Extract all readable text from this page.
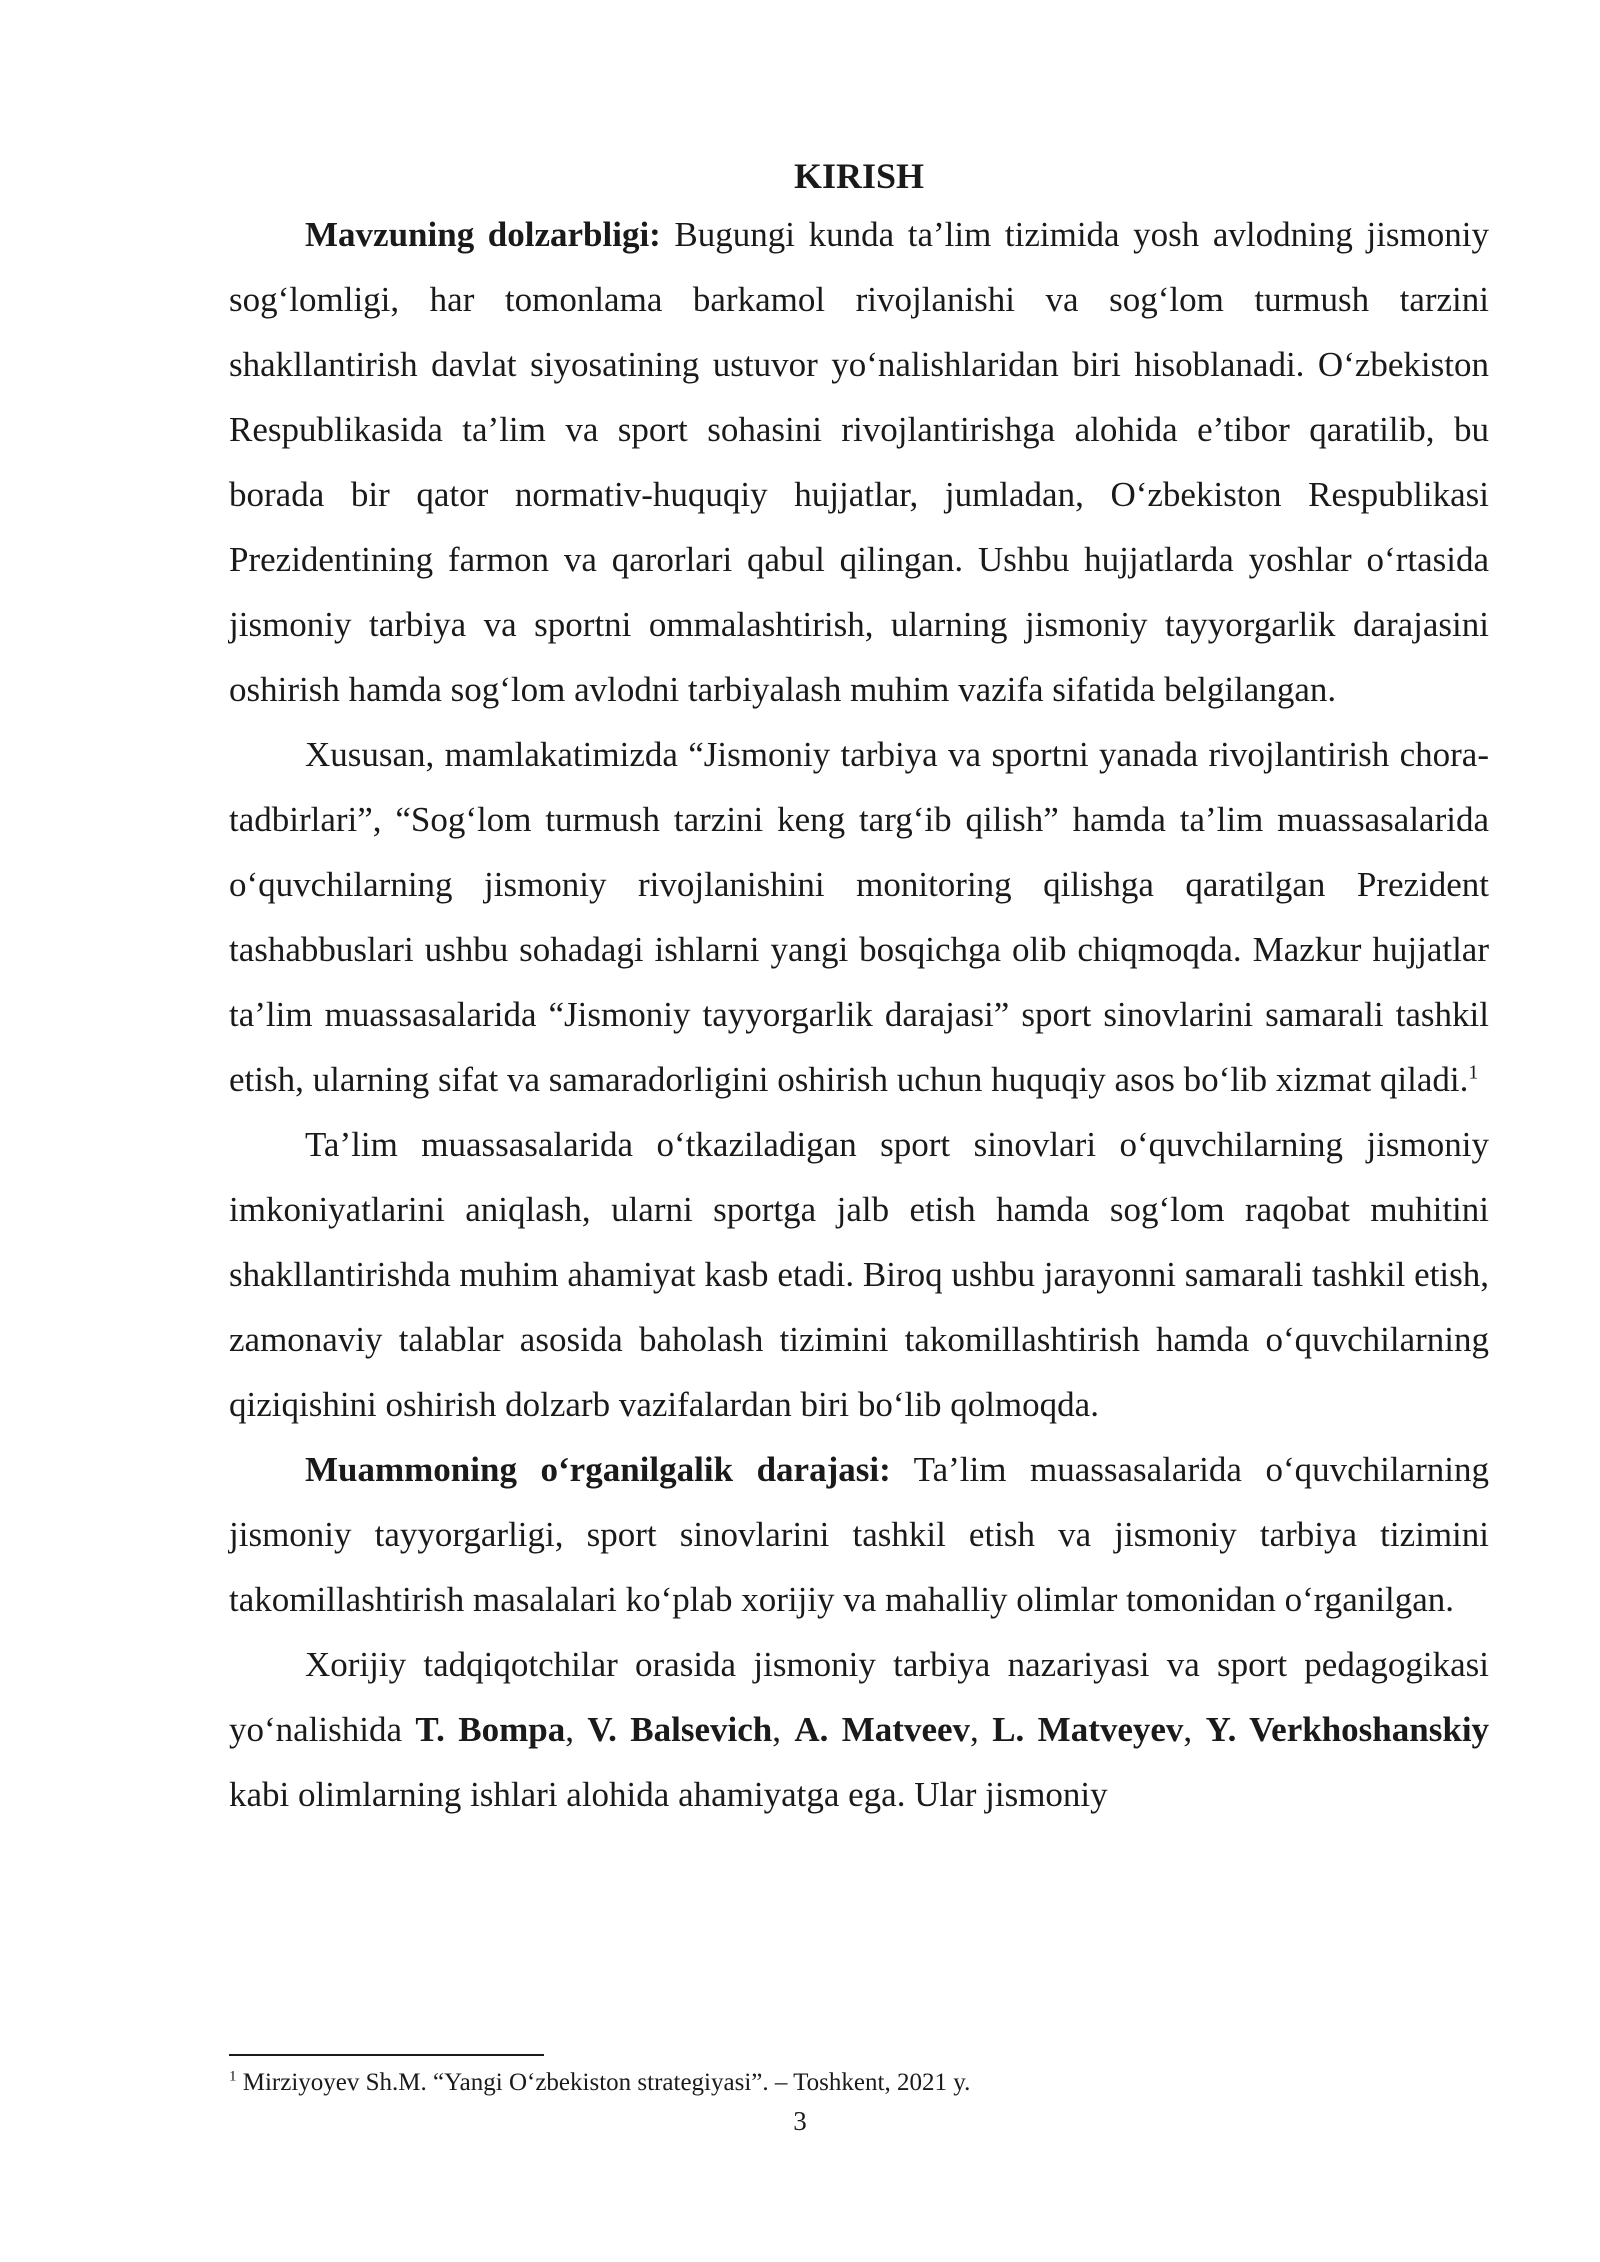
KIRISH

Mavzuning dolzarbligi: Bugungi kunda ta’lim tizimida yosh avlodning jismoniy sog‘lomligi, har tomonlama barkamol rivojlanishi va sog‘lom turmush tarzini shakllantirish davlat siyosatining ustuvor yo‘nalishlaridan biri hisoblanadi. O‘zbekiston Respublikasida ta’lim va sport sohasini rivojlantirishga alohida e’tibor qaratilib, bu borada bir qator normativ-huquqiy hujjatlar, jumladan, O‘zbekiston Respublikasi Prezidentining farmon va qarorlari qabul qilingan. Ushbu hujjatlarda yoshlar o‘rtasida jismoniy tarbiya va sportni ommalashtirish, ularning jismoniy tayyorgarlik darajasini oshirish hamda sog‘lom avlodni tarbiyalash muhim vazifa sifatida belgilangan.

Xususan, mamlakatimizda “Jismoniy tarbiya va sportni yanada rivojlantirish chora-tadbirlari”, “Sog‘lom turmush tarzini keng targ‘ib qilish” hamda ta’lim muassasalarida o‘quvchilarning jismoniy rivojlanishini monitoring qilishga qaratilgan Prezident tashabbuslari ushbu sohadagi ishlarni yangi bosqichga olib chiqmoqda. Mazkur hujjatlar ta’lim muassasalarida “Jismoniy tayyorgarlik darajasi” sport sinovlarini samarali tashkil etish, ularning sifat va samaradorligini oshirish uchun huquqiy asos bo‘lib xizmat qiladi.$^1$

Ta’lim muassasalarida o‘tkaziladigan sport sinovlari o‘quvchilarning jismoniy imkoniyatlarini aniqlash, ularni sportga jalb etish hamda sog‘lom raqobat muhitini shakllantirishda muhim ahamiyat kasb etadi. Biroq ushbu jarayonni samarali tashkil etish, zamonaviy talablar asosida baholash tizimini takomillashtirish hamda o‘quvchilarning qiziqishini oshirish dolzarb vazifalardan biri bo‘lib qolmoqda.

Muammoning o‘rganilgalik darajasi: Ta’lim muassasalarida o‘quvchilarning jismoniy tayyorgarligi, sport sinovlarini tashkil etish va jismoniy tarbiya tizimini takomillashtirish masalalari ko‘plab xorijiy va mahalliy olimlar tomonidan o‘rganilgan.

Xorijiy tadqiqotchilar orasida jismoniy tarbiya nazariyasi va sport pedagogikasi yo‘nalishida T. Bompa, V. Balsevich, A. Matveev, L. Matveyev, Y. Verkhoshanskiy kabi olimlarning ishlari alohida ahamiyatga ega. Ular jismoniy

$^1$ Mirziyoyev Sh.M. “Yangi O‘zbekiston strategiyasi”. – Toshkent, 2021 y.

3
